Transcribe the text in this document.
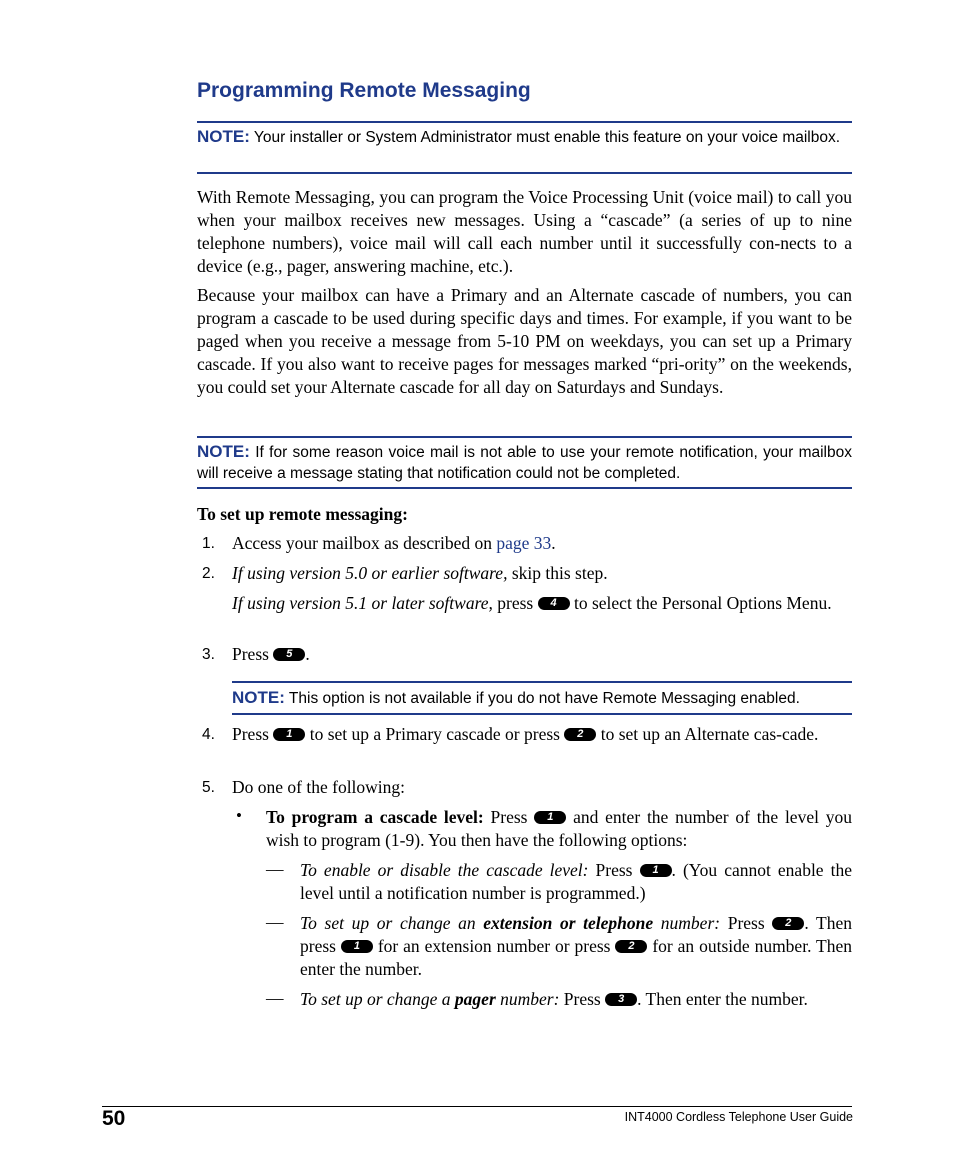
Programming Remote Messaging
NOTE: Your installer or System Administrator must enable this feature on your voice mailbox.
With Remote Messaging, you can program the Voice Processing Unit (voice mail) to call you when your mailbox receives new messages. Using a “cascade” (a series of up to nine telephone numbers), voice mail will call each number until it successfully con-nects to a device (e.g., pager, answering machine, etc.).
Because your mailbox can have a Primary and an Alternate cascade of numbers, you can program a cascade to be used during specific days and times. For example, if you want to be paged when you receive a message from 5-10 PM on weekdays, you can set up a Primary cascade. If you also want to receive pages for messages marked “pri-ority” on the weekends, you could set your Alternate cascade for all day on Saturdays and Sundays.
NOTE: If for some reason voice mail is not able to use your remote notification, your mailbox will receive a message stating that notification could not be completed.
To set up remote messaging:
1. Access your mailbox as described on page 33.
2. If using version 5.0 or earlier software, skip this step.
If using version 5.1 or later software, press 4 to select the Personal Options Menu.
3. Press 5 .
NOTE: This option is not available if you do not have Remote Messaging enabled.
4. Press 1 to set up a Primary cascade or press 2 to set up an Alternate cas-cade.
5. Do one of the following:
• To program a cascade level: Press 1 and enter the number of the level you wish to program (1-9). You then have the following options:
— To enable or disable the cascade level: Press 1 . (You cannot enable the level until a notification number is programmed.)
— To set up or change an extension or telephone number: Press 2 . Then press 1 for an extension number or press 2 for an outside number. Then enter the number.
— To set up or change a pager number: Press 3 . Then enter the number.
50	INT4000 Cordless Telephone User Guide
